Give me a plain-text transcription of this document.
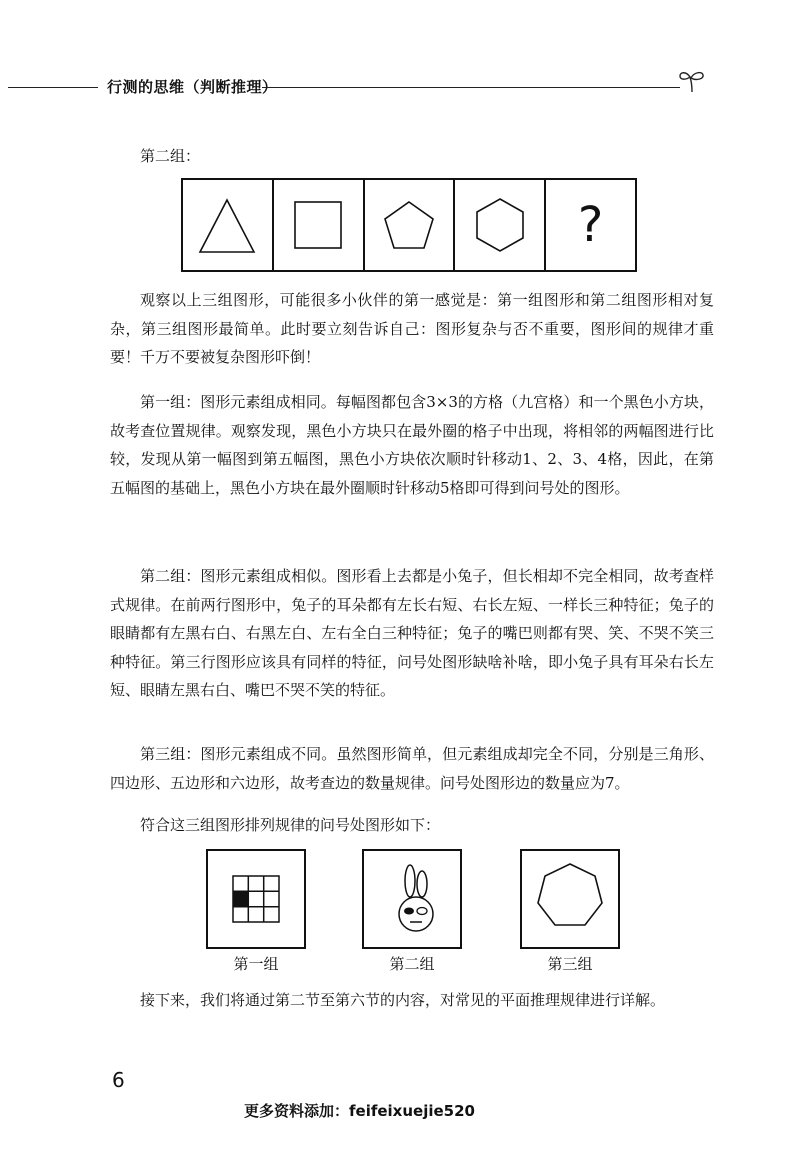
行测的思维（判断推理）
第二组：
?
观察以上三组图形，可能很多小伙伴的第一感觉是：第一组图形和第二组图形相对复杂，第三组图形最简单。此时要立刻告诉自己：图形复杂与否不重要，图形间的规律才重要！千万不要被复杂图形吓倒！
第一组：图形元素组成相同。每幅图都包含3×3的方格（九宫格）和一个黑色小方块，故考查位置规律。观察发现，黑色小方块只在最外圈的格子中出现，将相邻的两幅图进行比较，发现从第一幅图到第五幅图，黑色小方块依次顺时针移动1、2、3、4格，因此，在第五幅图的基础上，黑色小方块在最外圈顺时针移动5格即可得到问号处的图形。
第二组：图形元素组成相似。图形看上去都是小兔子，但长相却不完全相同，故考查样式规律。在前两行图形中，兔子的耳朵都有左长右短、右长左短、一样长三种特征；兔子的眼睛都有左黑右白、右黑左白、左右全白三种特征；兔子的嘴巴则都有哭、笑、不哭不笑三种特征。第三行图形应该具有同样的特征，问号处图形缺啥补啥，即小兔子具有耳朵右长左短、眼睛左黑右白、嘴巴不哭不笑的特征。
第三组：图形元素组成不同。虽然图形简单，但元素组成却完全不同，分别是三角形、四边形、五边形和六边形，故考查边的数量规律。问号处图形边的数量应为7。
符合这三组图形排列规律的问号处图形如下：
第一组	第二组	第三组
接下来，我们将通过第二节至第六节的内容，对常见的平面推理规律进行详解。
6
更多资料添加：feifeixuejie520
